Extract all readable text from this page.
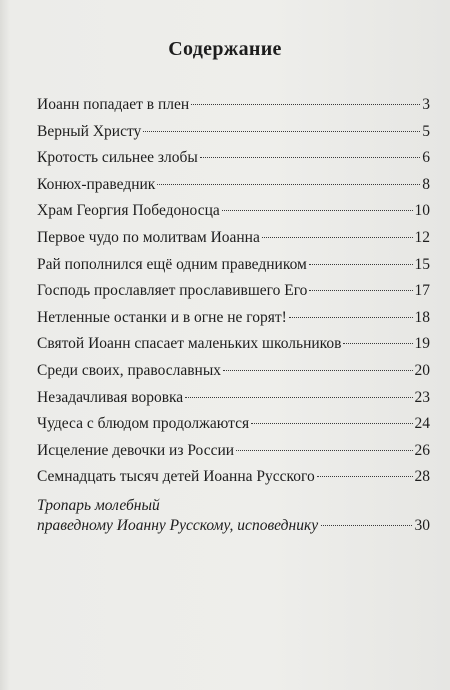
Содержание
Иоанн попадает в плен	3
Верный Христу	5
Кротость сильнее злобы	6
Конюх-праведник	8
Храм Георгия Победоносца	10
Первое чудо по молитвам Иоанна	12
Рай пополнился ещё одним праведником	15
Господь прославляет прославившего Его	17
Нетленные останки и в огне не горят!	18
Святой Иоанн спасает маленьких школьников	19
Среди своих, православных	20
Незадачливая воровка	23
Чудеса с блюдом продолжаются	24
Исцеление девочки из России	26
Семнадцать тысяч детей Иоанна Русского	28
Тропарь молебный
праведному Иоанну Русскому, исповеднику	30
